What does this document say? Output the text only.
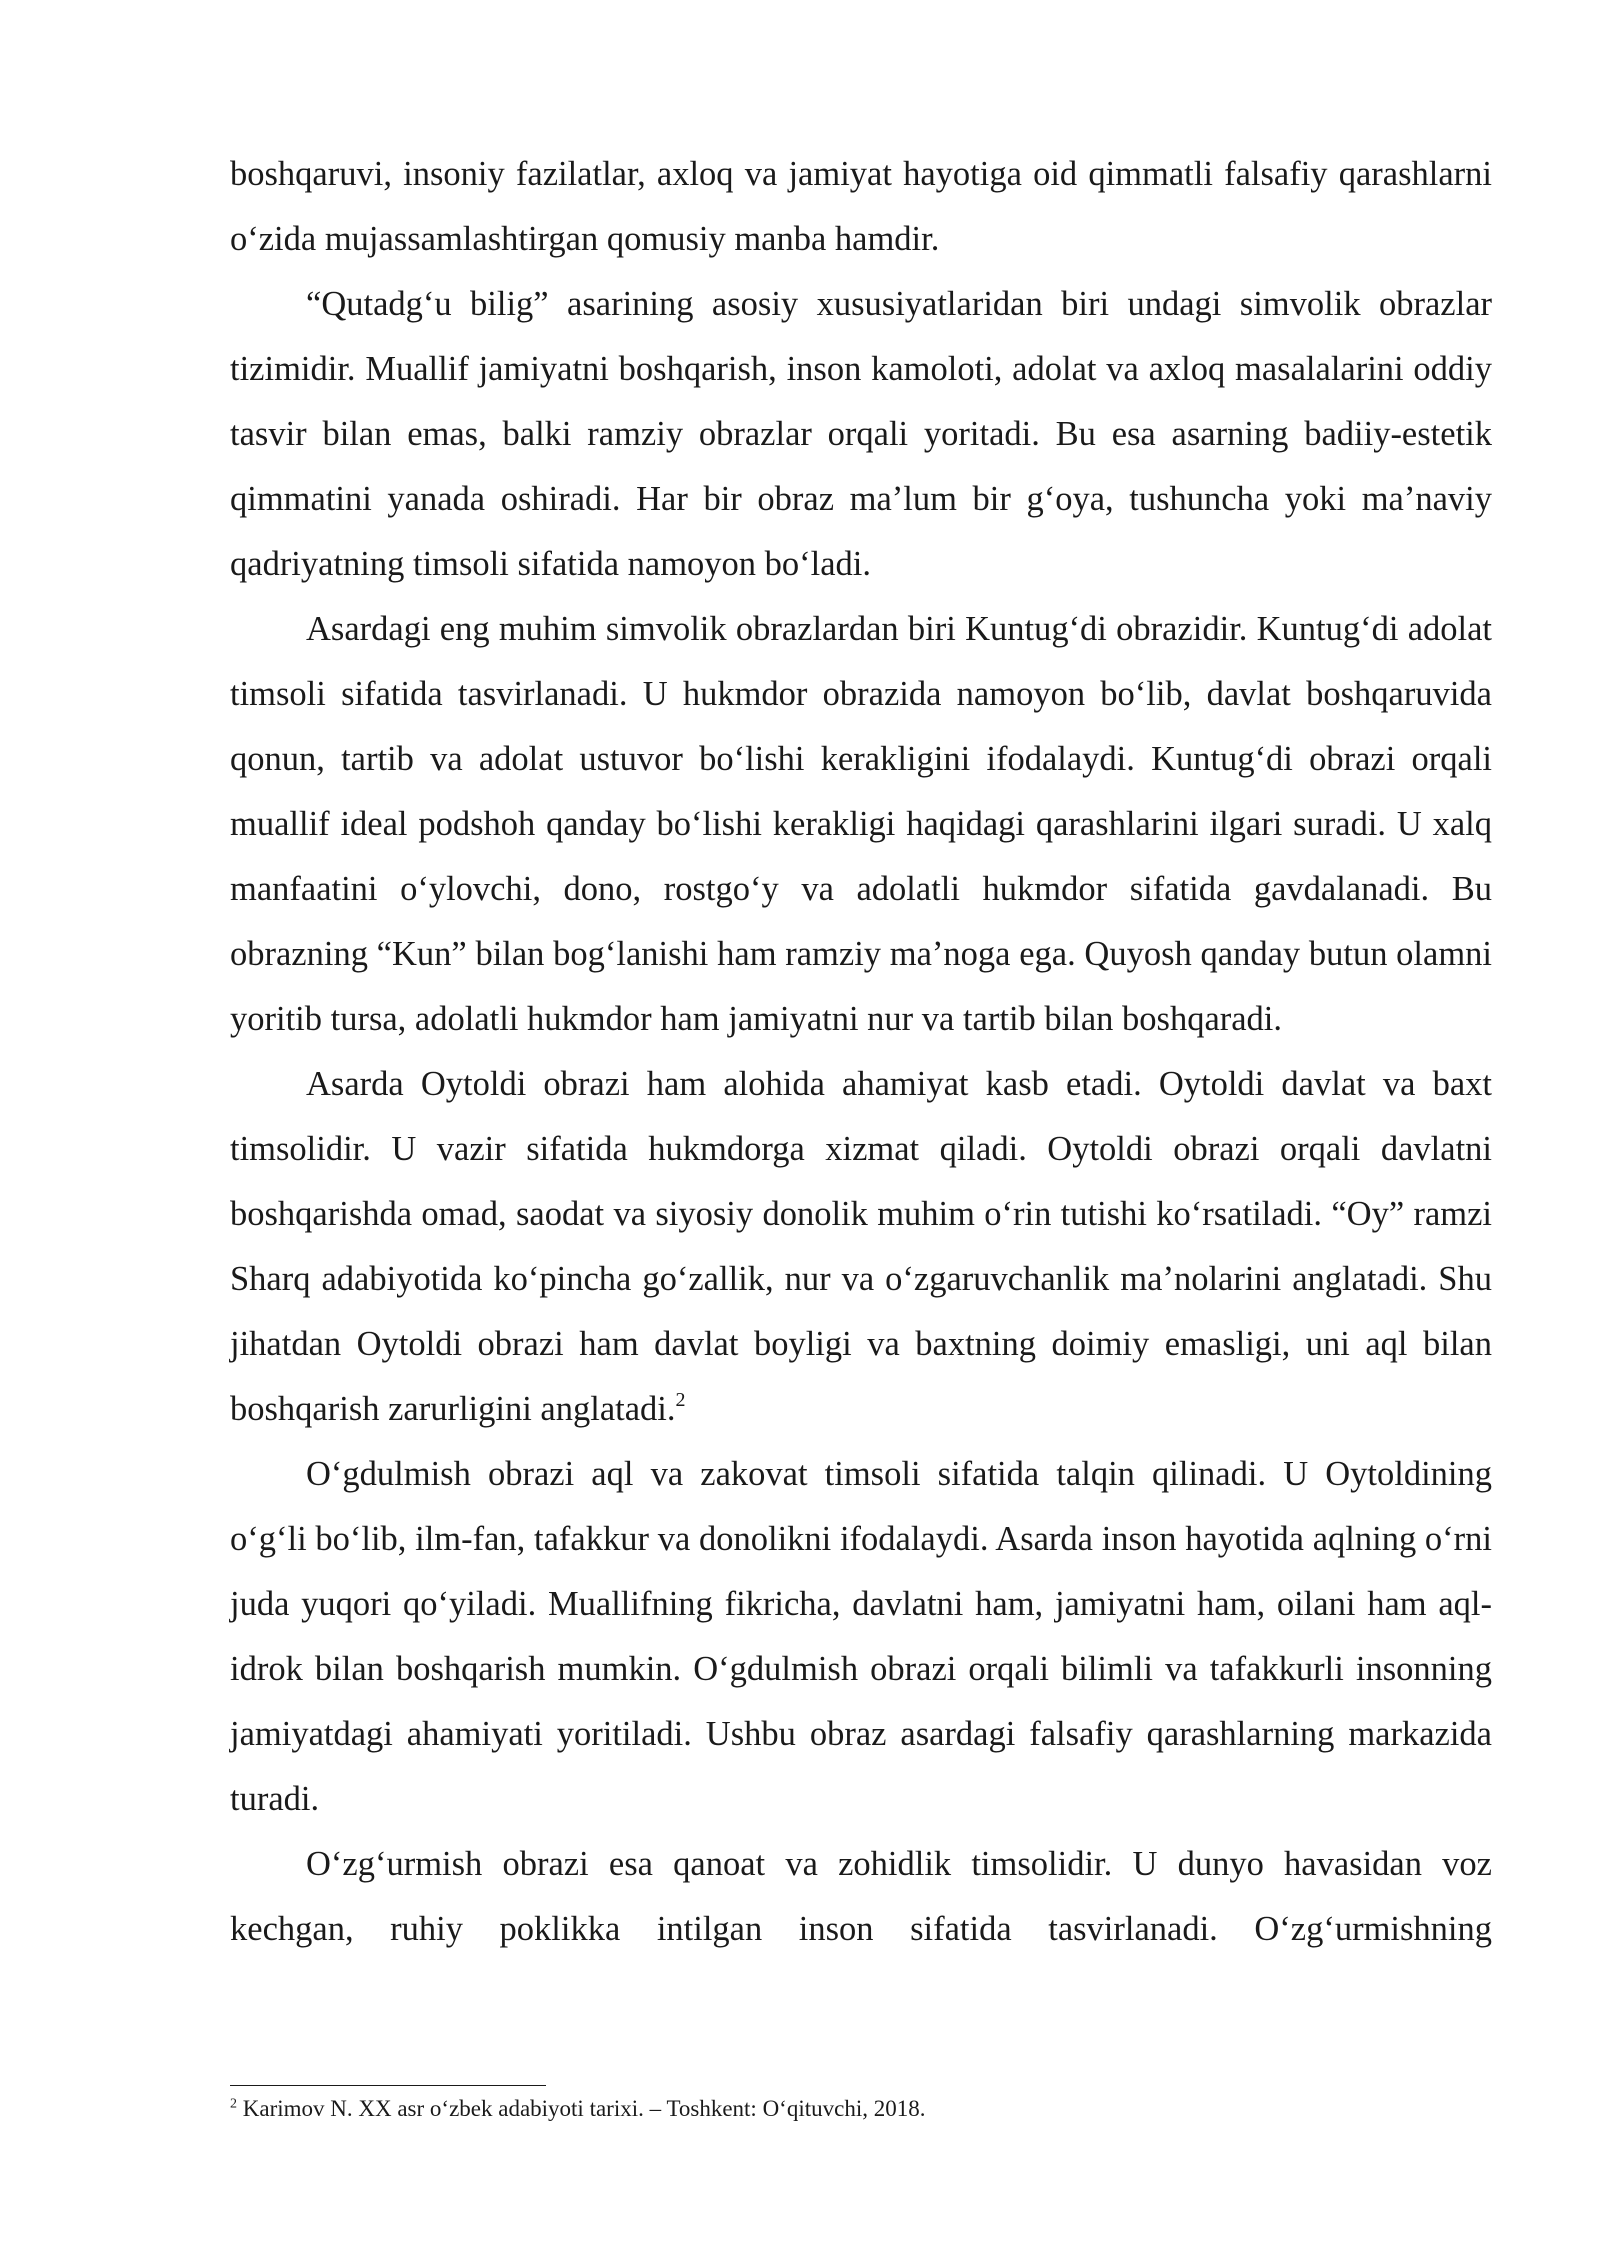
boshqaruvi, insoniy fazilatlar, axloq va jamiyat hayotiga oid qimmatli falsafiy qarashlarni oʻzida mujassamlashtirgan qomusiy manba hamdir.

“Qutadgʻu bilig” asarining asosiy xususiyatlaridan biri undagi simvolik obrazlar tizimidir. Muallif jamiyatni boshqarish, inson kamoloti, adolat va axloq masalalarini oddiy tasvir bilan emas, balki ramziy obrazlar orqali yoritadi. Bu esa asarning badiiy-estetik qimmatini yanada oshiradi. Har bir obraz maʼlum bir gʻoya, tushuncha yoki maʼnaviy qadriyatning timsoli sifatida namoyon boʻladi.

Asardagi eng muhim simvolik obrazlardan biri Kuntugʻdi obrazidir. Kuntugʻdi adolat timsoli sifatida tasvirlanadi. U hukmdor obrazida namoyon boʻlib, davlat boshqaruvida qonun, tartib va adolat ustuvor boʻlishi kerakligini ifodalaydi. Kuntugʻdi obrazi orqali muallif ideal podshoh qanday boʻlishi kerakligi haqidagi qarashlarini ilgari suradi. U xalq manfaatini oʻylovchi, dono, rostgoʻy va adolatli hukmdor sifatida gavdalanadi. Bu obrazning “Kun” bilan bogʻlanishi ham ramziy maʼnoga ega. Quyosh qanday butun olamni yoritib tursa, adolatli hukmdor ham jamiyatni nur va tartib bilan boshqaradi.

Asarda Oytoldi obrazi ham alohida ahamiyat kasb etadi. Oytoldi davlat va baxt timsolidir. U vazir sifatida hukmdorga xizmat qiladi. Oytoldi obrazi orqali davlatni boshqarishda omad, saodat va siyosiy donolik muhim oʻrin tutishi koʻrsatiladi. “Oy” ramzi Sharq adabiyotida koʻpincha goʻzallik, nur va oʻzgaruvchanlik maʼnolarini anglatadi. Shu jihatdan Oytoldi obrazi ham davlat boyligi va baxtning doimiy emasligi, uni aql bilan boshqarish zarurligini anglatadi.$^2$

Oʻgdulmish obrazi aql va zakovat timsoli sifatida talqin qilinadi. U Oytoldining oʻgʻli boʻlib, ilm-fan, tafakkur va donolikni ifodalaydi. Asarda inson hayotida aqlning oʻrni juda yuqori qoʻyiladi. Muallifning fikricha, davlatni ham, jamiyatni ham, oilani ham aql-idrok bilan boshqarish mumkin. Oʻgdulmish obrazi orqali bilimli va tafakkurli insonning jamiyatdagi ahamiyati yoritiladi. Ushbu obraz asardagi falsafiy qarashlarning markazida turadi.

Oʻzgʻurmish obrazi esa qanoat va zohidlik timsolidir. U dunyo havasidan voz kechgan, ruhiy poklikka intilgan inson sifatida tasvirlanadi. Oʻzgʻurmishning

$^2$ Karimov N. XX asr oʻzbek adabiyoti tarixi. – Toshkent: Oʻqituvchi, 2018.
